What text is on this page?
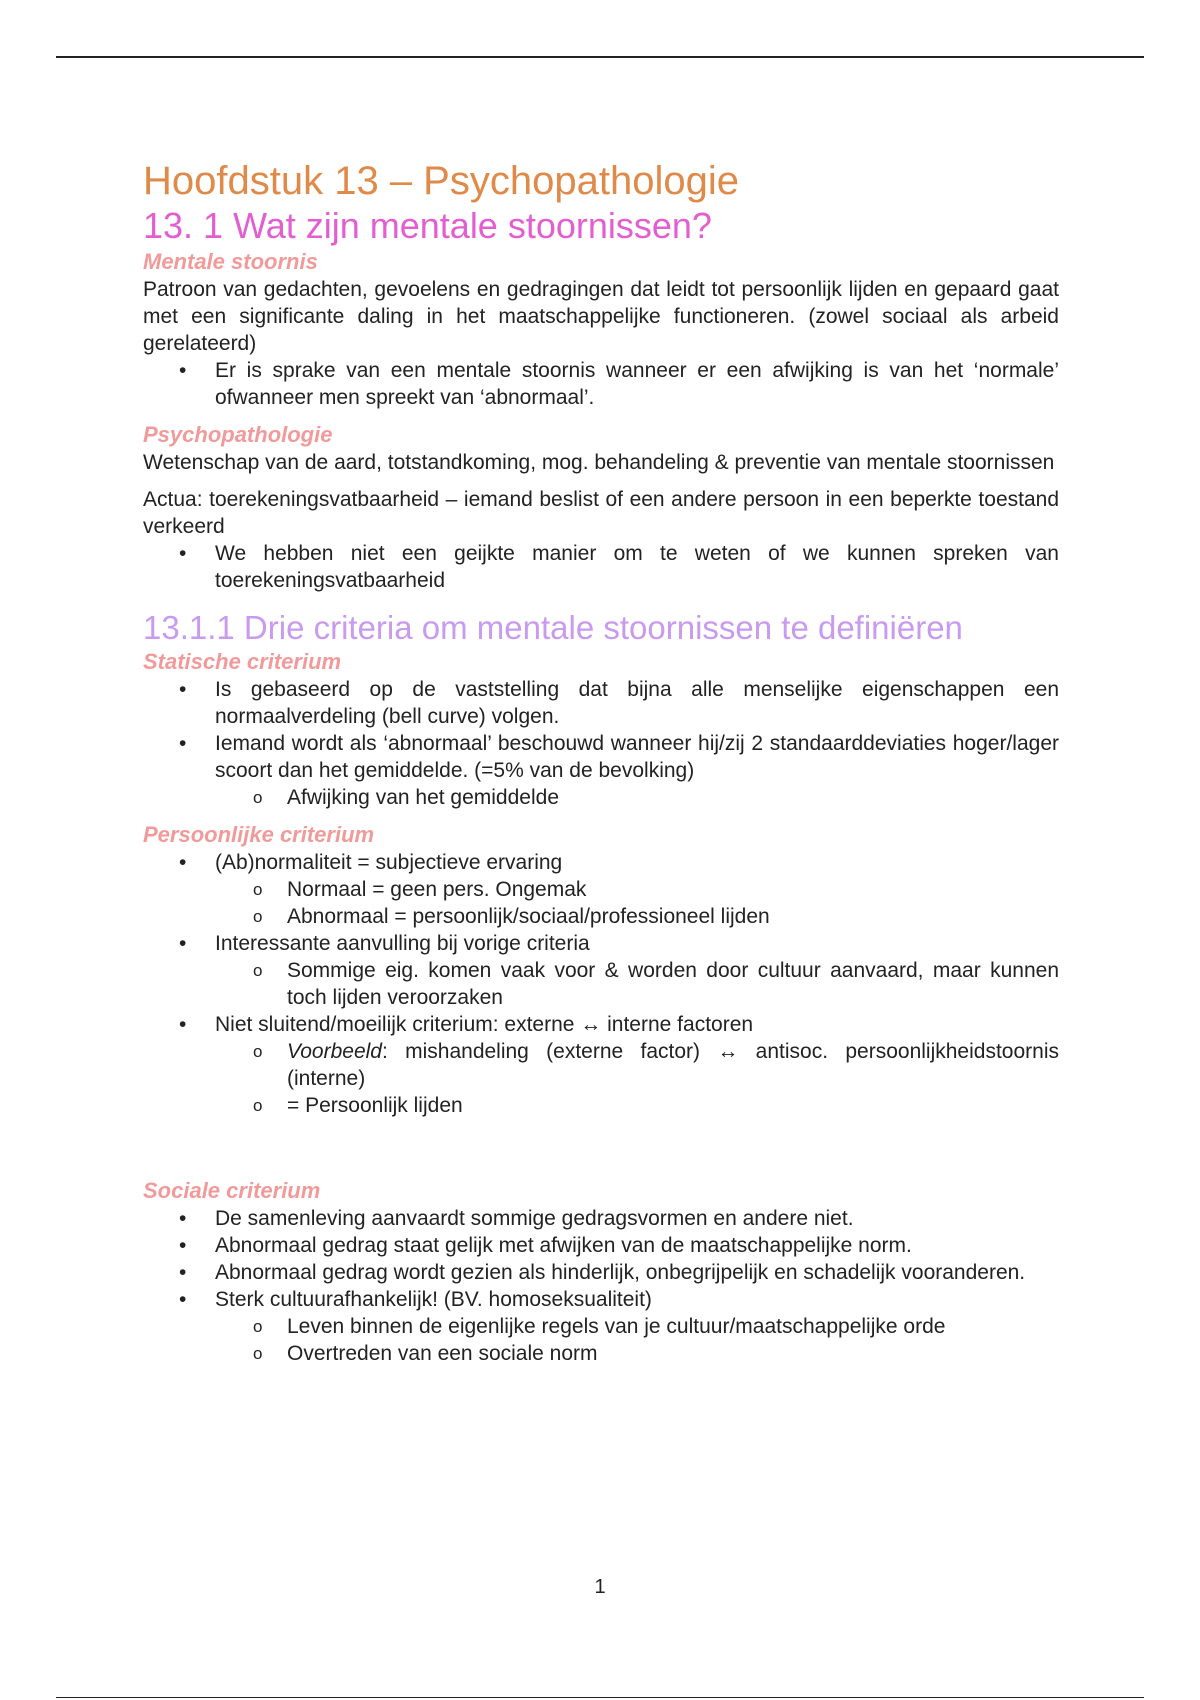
Hoofdstuk 13 – Psychopathologie
13. 1 Wat zijn mentale stoornissen?

Mentale stoornis

Patroon van gedachten, gevoelens en gedragingen dat leidt tot persoonlijk lijden en gepaard gaat met een significante daling in het maatschappelijke functioneren. (zowel sociaal als arbeid gerelateerd)

• Er is sprake van een mentale stoornis wanneer er een afwijking is van het ‘normale’ ofwanneer men spreekt van ‘abnormaal’.

Psychopathologie

Wetenschap van de aard, totstandkoming, mog. behandeling & preventie van mentale stoornissen

Actua: toerekeningsvatbaarheid – iemand beslist of een andere persoon in een beperkte toestand verkeerd

• We hebben niet een geijkte manier om te weten of we kunnen spreken van toerekeningsvatbaarheid
13.1.1 Drie criteria om mentale stoornissen te definiëren

Statische criterium

• Is gebaseerd op de vaststelling dat bijna alle menselijke eigenschappen een normaalverdeling (bell curve) volgen.
• Iemand wordt als ‘abnormaal’ beschouwd wanneer hij/zij 2 standaarddeviaties hoger/lager scoort dan het gemiddelde. (=5% van de bevolking)
o Afwijking van het gemiddelde

Persoonlijke criterium

• (Ab)normaliteit = subjectieve ervaring
o Normaal = geen pers. Ongemak
o Abnormaal = persoonlijk/sociaal/professioneel lijden
• Interessante aanvulling bij vorige criteria
o Sommige eig. komen vaak voor & worden door cultuur aanvaard, maar kunnen toch lijden veroorzaken
• Niet sluitend/moeilijk criterium: externe ↔ interne factoren
o Voorbeeld: mishandeling (externe factor) ↔ antisoc. persoonlijkheidstoornis (interne)
o = Persoonlijk lijden

Sociale criterium

• De samenleving aanvaardt sommige gedragsvormen en andere niet.
• Abnormaal gedrag staat gelijk met afwijken van de maatschappelijke norm.
• Abnormaal gedrag wordt gezien als hinderlijk, onbegrijpelijk en schadelijk vooranderen.
• Sterk cultuurafhankelijk! (BV. homoseksualiteit)
o Leven binnen de eigenlijke regels van je cultuur/maatschappelijke orde
o Overtreden van een sociale norm
1
